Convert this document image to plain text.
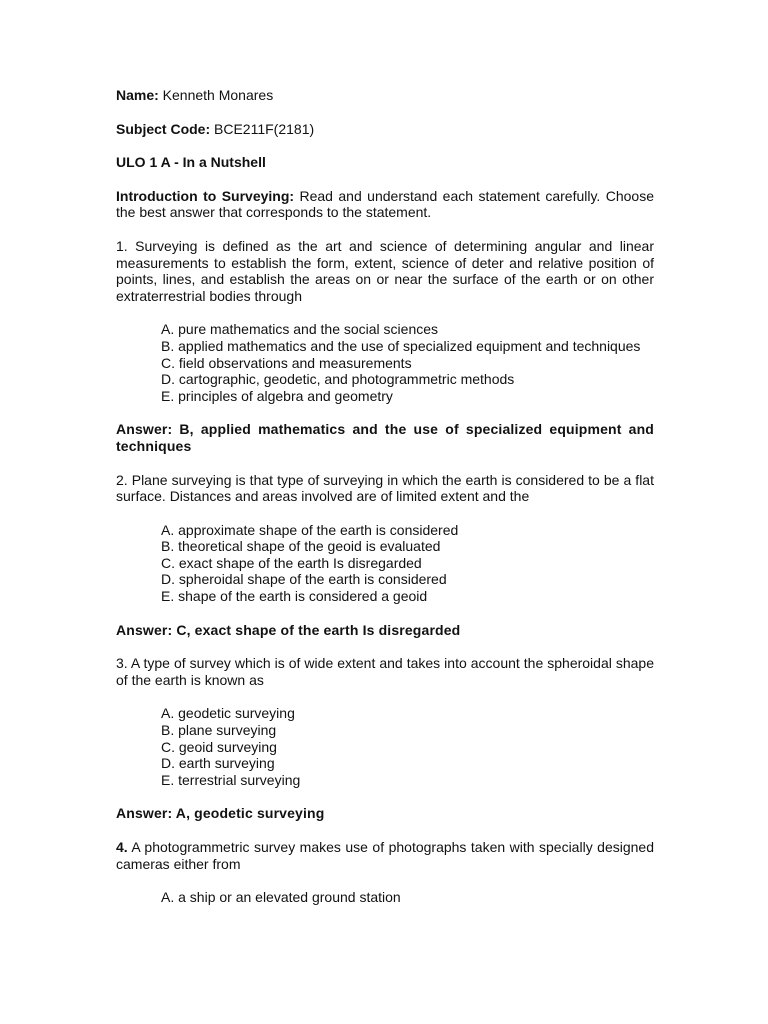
Name: Kenneth Monares

Subject Code: BCE211F(2181)

ULO 1 A - In a Nutshell

Introduction to Surveying: Read and understand each statement carefully. Choose the best answer that corresponds to the statement.

1. Surveying is defined as the art and science of determining angular and linear measurements to establish the form, extent, science of deter and relative position of points, lines, and establish the areas on or near the surface of the earth or on other extraterrestrial bodies through

A. pure mathematics and the social sciences
B. applied mathematics and the use of specialized equipment and techniques
C. field observations and measurements
D. cartographic, geodetic, and photogrammetric methods
E. principles of algebra and geometry

Answer: B, applied mathematics and the use of specialized equipment and techniques

2. Plane surveying is that type of surveying in which the earth is considered to be a flat surface. Distances and areas involved are of limited extent and the

A. approximate shape of the earth is considered
B. theoretical shape of the geoid is evaluated
C. exact shape of the earth Is disregarded
D. spheroidal shape of the earth is considered
E. shape of the earth is considered a geoid

Answer: C, exact shape of the earth Is disregarded

3. A type of survey which is of wide extent and takes into account the spheroidal shape of the earth is known as

A. geodetic surveying
B. plane surveying
C. geoid surveying
D. earth surveying
E. terrestrial surveying

Answer: A, geodetic surveying

4. A photogrammetric survey makes use of photographs taken with specially designed cameras either from

A. a ship or an elevated ground station
